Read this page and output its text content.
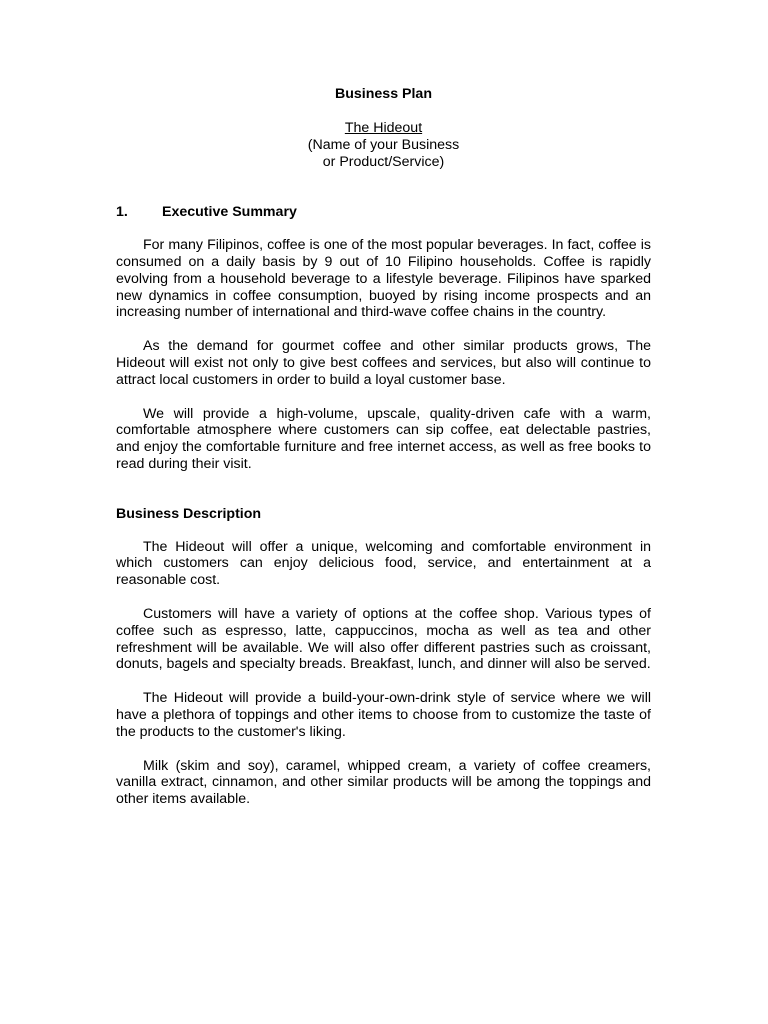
Business Plan
The Hideout
(Name of your Business
or Product/Service)
1. Executive Summary

For many Filipinos, coffee is one of the most popular beverages. In fact, coffee is consumed on a daily basis by 9 out of 10 Filipino households. Coffee is rapidly evolving from a household beverage to a lifestyle beverage. Filipinos have sparked new dynamics in coffee consumption, buoyed by rising income prospects and an increasing number of international and third-wave coffee chains in the country.

As the demand for gourmet coffee and other similar products grows, The Hideout will exist not only to give best coffees and services, but also will continue to attract local customers in order to build a loyal customer base.

We will provide a high-volume, upscale, quality-driven cafe with a warm, comfortable atmosphere where customers can sip coffee, eat delectable pastries, and enjoy the comfortable furniture and free internet access, as well as free books to read during their visit.

Business Description

The Hideout will offer a unique, welcoming and comfortable environment in which customers can enjoy delicious food, service, and entertainment at a reasonable cost.

Customers will have a variety of options at the coffee shop. Various types of coffee such as espresso, latte, cappuccinos, mocha as well as tea and other refreshment will be available. We will also offer different pastries such as croissant, donuts, bagels and specialty breads. Breakfast, lunch, and dinner will also be served.

The Hideout will provide a build-your-own-drink style of service where we will have a plethora of toppings and other items to choose from to customize the taste of the products to the customer's liking.

Milk (skim and soy), caramel, whipped cream, a variety of coffee creamers, vanilla extract, cinnamon, and other similar products will be among the toppings and other items available.
